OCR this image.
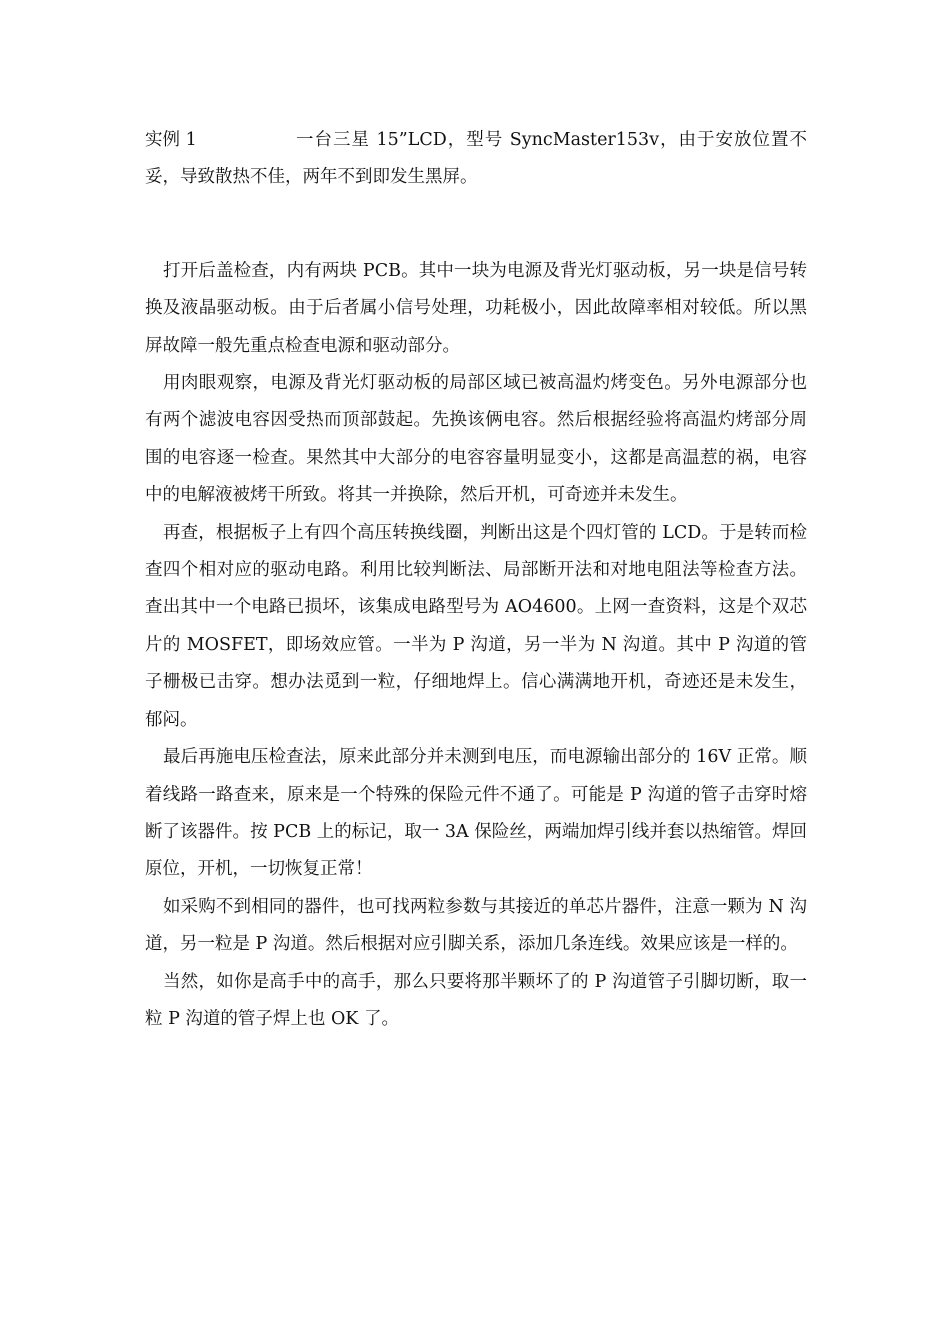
实例 1	一台三星 15”LCD，型号 SyncMaster153v，由于安放位置不妥，导致散热不佳，两年不到即发生黑屏。

打开后盖检查，内有两块 PCB。其中一块为电源及背光灯驱动板，另一块是信号转换及液晶驱动板。由于后者属小信号处理，功耗极小，因此故障率相对较低。所以黑屏故障一般先重点检查电源和驱动部分。

用肉眼观察，电源及背光灯驱动板的局部区域已被高温灼烤变色。另外电源部分也有两个滤波电容因受热而顶部鼓起。先换该俩电容。然后根据经验将高温灼烤部分周围的电容逐一检查。果然其中大部分的电容容量明显变小，这都是高温惹的祸，电容中的电解液被烤干所致。将其一并换除，然后开机，可奇迹并未发生。

再查，根据板子上有四个高压转换线圈，判断出这是个四灯管的 LCD。于是转而检查四个相对应的驱动电路。利用比较判断法、局部断开法和对地电阻法等检查方法。查出其中一个电路已损坏，该集成电路型号为 AO4600。上网一查资料，这是个双芯片的 MOSFET，即场效应管。一半为 P 沟道，另一半为 N 沟道。其中 P 沟道的管子栅极已击穿。想办法觅到一粒，仔细地焊上。信心满满地开机，奇迹还是未发生，郁闷。

最后再施电压检查法，原来此部分并未测到电压，而电源输出部分的 16V 正常。顺着线路一路查来，原来是一个特殊的保险元件不通了。可能是 P 沟道的管子击穿时熔断了该器件。按 PCB 上的标记，取一 3A 保险丝，两端加焊引线并套以热缩管。焊回原位，开机，一切恢复正常！

如采购不到相同的器件，也可找两粒参数与其接近的单芯片器件，注意一颗为 N 沟道，另一粒是 P 沟道。然后根据对应引脚关系，添加几条连线。效果应该是一样的。

当然，如你是高手中的高手，那么只要将那半颗坏了的 P 沟道管子引脚切断，取一粒 P 沟道的管子焊上也 OK 了。
